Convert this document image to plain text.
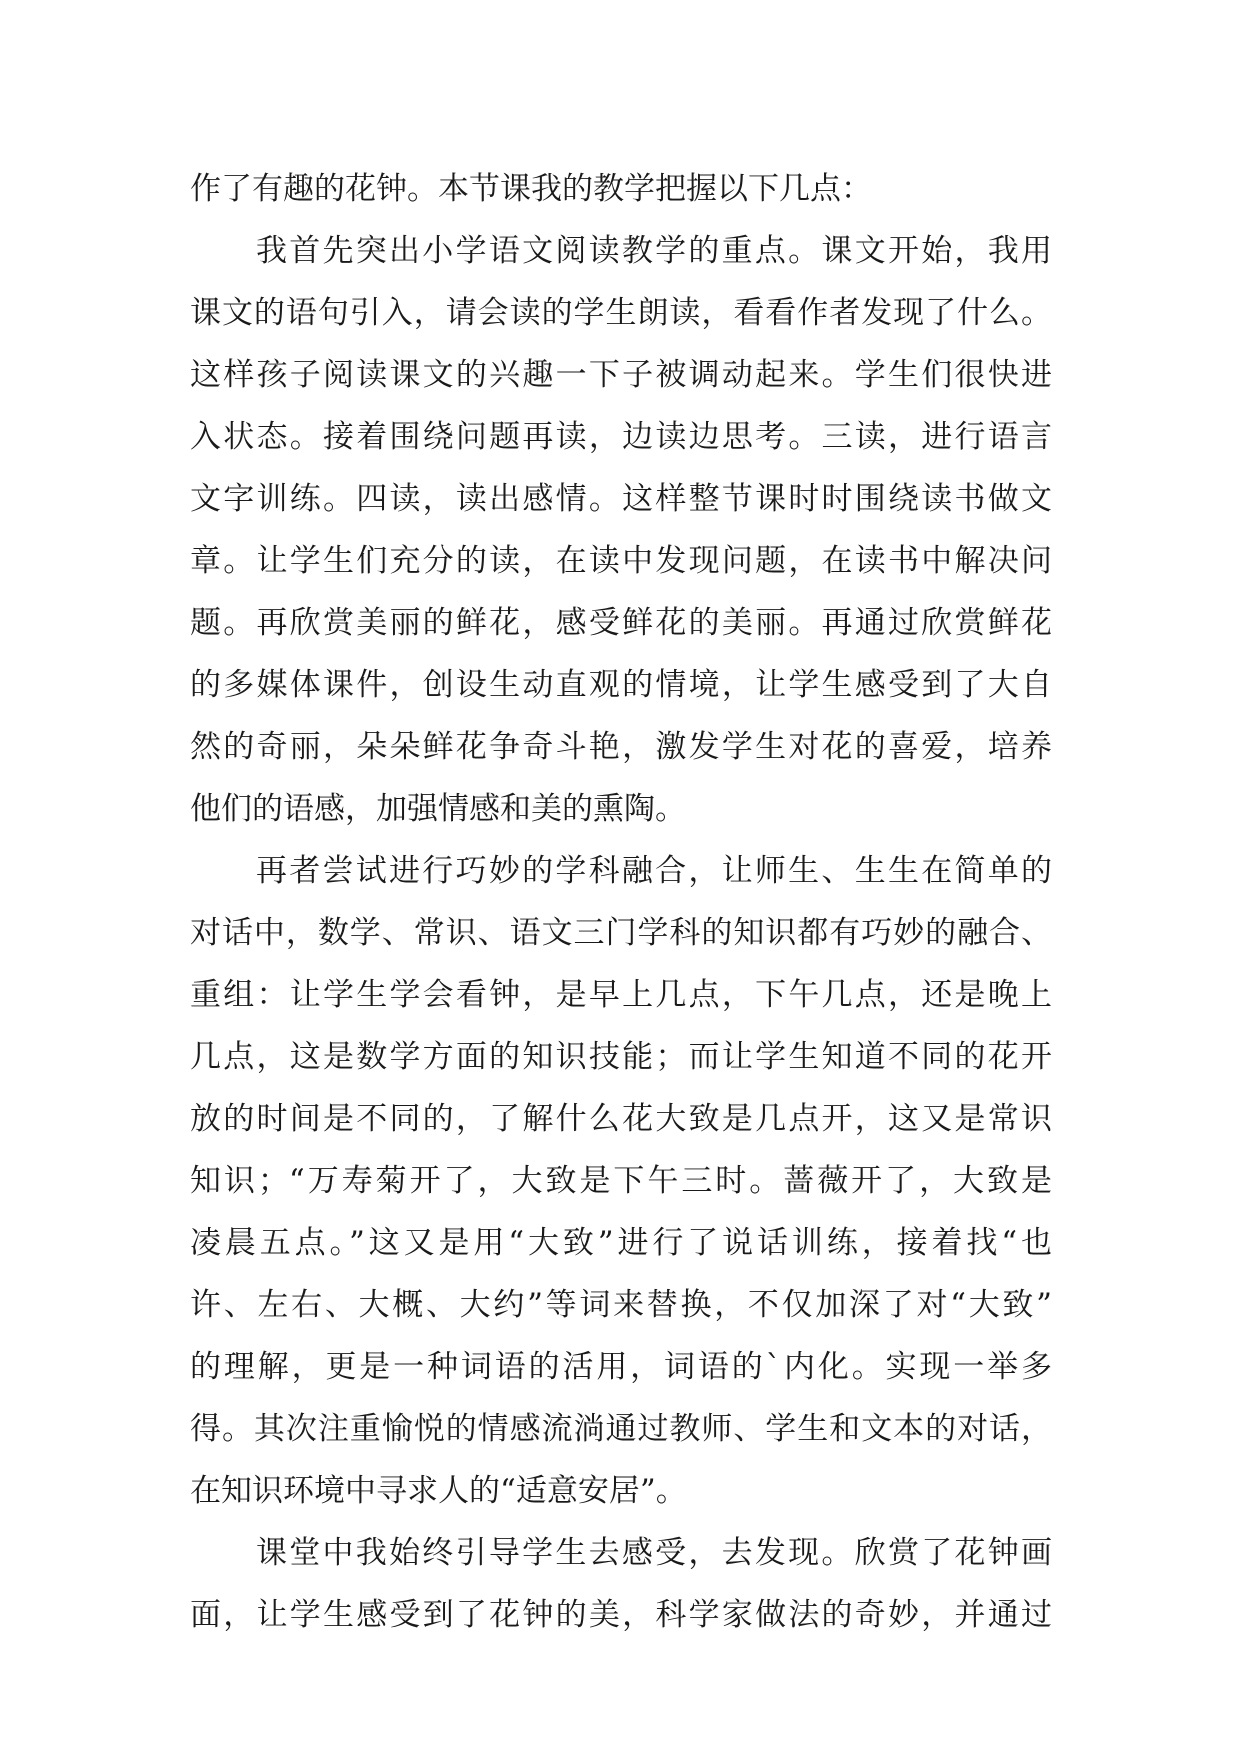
作了有趣的花钟。本节课我的教学把握以下几点：
我首先突出小学语文阅读教学的重点。课文开始，我用
课文的语句引入，请会读的学生朗读，看看作者发现了什么。
这样孩子阅读课文的兴趣一下子被调动起来。学生们很快进
入状态。接着围绕问题再读，边读边思考。三读，进行语言
文字训练。四读，读出感情。这样整节课时时围绕读书做文
章。让学生们充分的读，在读中发现问题，在读书中解决问
题。再欣赏美丽的鲜花，感受鲜花的美丽。再通过欣赏鲜花
的多媒体课件，创设生动直观的情境，让学生感受到了大自
然的奇丽，朵朵鲜花争奇斗艳，激发学生对花的喜爱，培养
他们的语感，加强情感和美的熏陶。
再者尝试进行巧妙的学科融合，让师生、生生在简单的
对话中，数学、常识、语文三门学科的知识都有巧妙的融合、
重组：让学生学会看钟，是早上几点，下午几点，还是晚上
几点，这是数学方面的知识技能；而让学生知道不同的花开
放的时间是不同的，了解什么花大致是几点开，这又是常识
知识；“万寿菊开了，大致是下午三时。蔷薇开了，大致是
凌晨五点。”这又是用“大致”进行了说话训练，接着找“也
许、左右、大概、大约”等词来替换，不仅加深了对“大致”
的理解，更是一种词语的活用，词语的`内化。实现一举多
得。其次注重愉悦的情感流淌通过教师、学生和文本的对话，
在知识环境中寻求人的“适意安居”。
课堂中我始终引导学生去感受，去发现。欣赏了花钟画
面，让学生感受到了花钟的美，科学家做法的奇妙，并通过
